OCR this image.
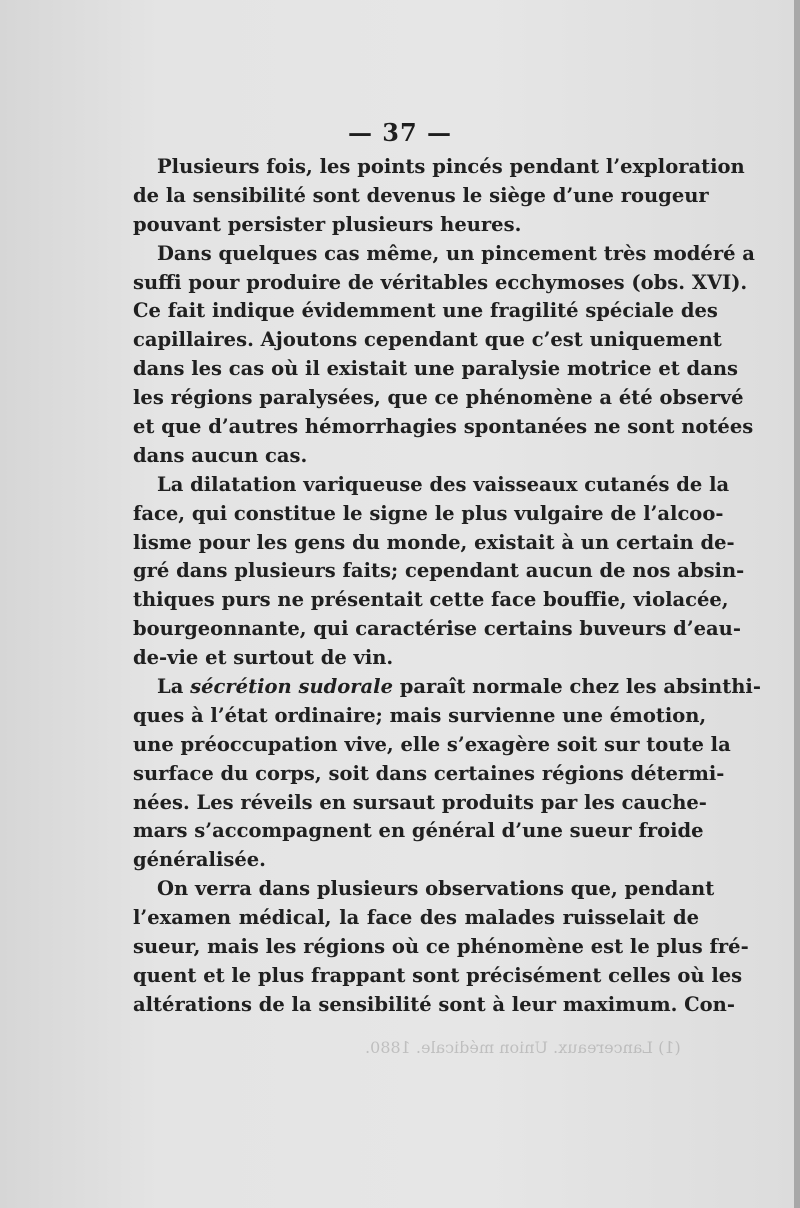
— 37 —
Plusieurs fois, les points pincés pendant l’exploration
de la sensibilité sont devenus le siège d’une rougeur
pouvant persister plusieurs heures.
Dans quelques cas même, un pincement très modéré a
suffi pour produire de véritables ecchymoses (obs. XVI).
Ce fait indique évidemment une fragilité spéciale des
capillaires. Ajoutons cependant que c’est uniquement
dans les cas où il existait une paralysie motrice et dans
les régions paralysées, que ce phénomène a été observé
et que d’autres hémorrhagies spontanées ne sont notées
dans aucun cas.
La dilatation variqueuse des vaisseaux cutanés de la
face, qui constitue le signe le plus vulgaire de l’alcoo-
lisme pour les gens du monde, existait à un certain de-
gré dans plusieurs faits; cependant aucun de nos absin-
thiques purs ne présentait cette face bouffie, violacée,
bourgeonnante, qui caractérise certains buveurs d’eau-
de-vie et surtout de vin.
La sécrétion sudorale paraît normale chez les absinthi-
ques à l’état ordinaire; mais survienne une émotion,
une préoccupation vive, elle s’exagère soit sur toute la
surface du corps, soit dans certaines régions détermi-
nées. Les réveils en sursaut produits par les cauche-
mars s’accompagnent en général d’une sueur froide
généralisée.
On verra dans plusieurs observations que, pendant
l’examen médical, la face des malades ruisselait de
sueur, mais les régions où ce phénomène est le plus fré-
quent et le plus frappant sont précisément celles où les
altérations de la sensibilité sont à leur maximum. Con-
(1) Lancereaux. Union médicale. 1880.
